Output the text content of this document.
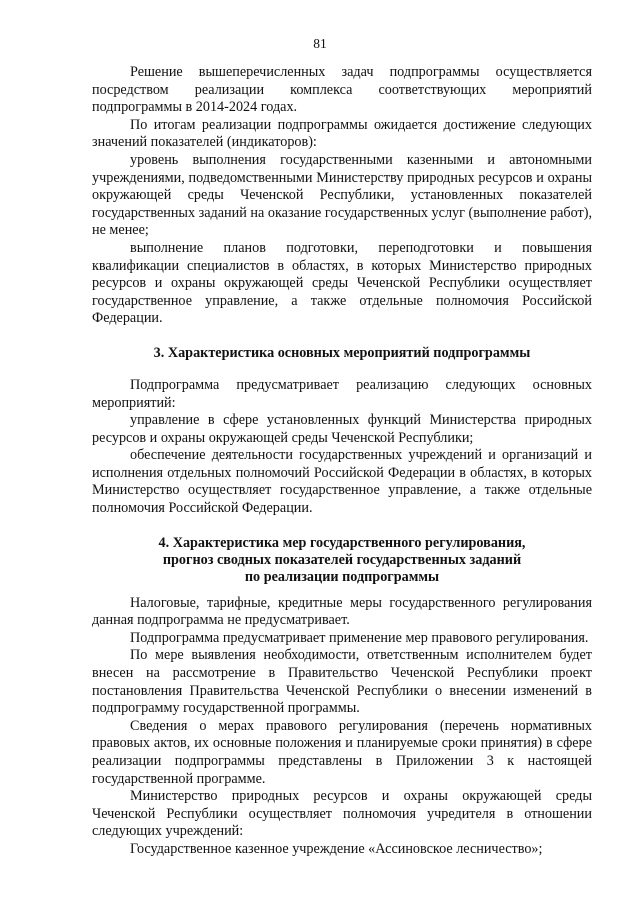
81

Решение вышеперечисленных задач подпрограммы осуществляется посредством реализации комплекса соответствующих мероприятий подпрограммы в 2014-2024 годах.

По итогам реализации подпрограммы ожидается достижение следующих значений показателей (индикаторов):

уровень выполнения государственными казенными и автономными учреждениями, подведомственными Министерству природных ресурсов и охраны окружающей среды Чеченской Республики, установленных показателей государственных заданий на оказание государственных услуг (выполнение работ), не менее;

выполнение планов подготовки, переподготовки и повышения квалификации специалистов в областях, в которых Министерство природных ресурсов и охраны окружающей среды Чеченской Республики осуществляет государственное управление, а также отдельные полномочия Российской Федерации.

3. Характеристика основных мероприятий подпрограммы

Подпрограмма предусматривает реализацию следующих основных мероприятий:

управление в сфере установленных функций Министерства природных ресурсов и охраны окружающей среды Чеченской Республики;

обеспечение деятельности государственных учреждений и организаций и исполнения отдельных полномочий Российской Федерации в областях, в которых Министерство осуществляет государственное управление, а также отдельные полномочия Российской Федерации.

4. Характеристика мер государственного регулирования,
прогноз сводных показателей государственных заданий
по реализации подпрограммы

Налоговые, тарифные, кредитные меры государственного регулирования данная подпрограмма не предусматривает.

Подпрограмма предусматривает применение мер правового регулирования.

По мере выявления необходимости, ответственным исполнителем будет внесен на рассмотрение в Правительство Чеченской Республики проект постановления Правительства Чеченской Республики о внесении изменений в подпрограмму государственной программы.

Сведения о мерах правового регулирования (перечень нормативных правовых актов, их основные положения и планируемые сроки принятия) в сфере реализации подпрограммы представлены в Приложении 3 к настоящей государственной программе.

Министерство природных ресурсов и охраны окружающей среды Чеченской Республики осуществляет полномочия учредителя в отношении следующих учреждений:

Государственное казенное учреждение «Ассиновское лесничество»;
